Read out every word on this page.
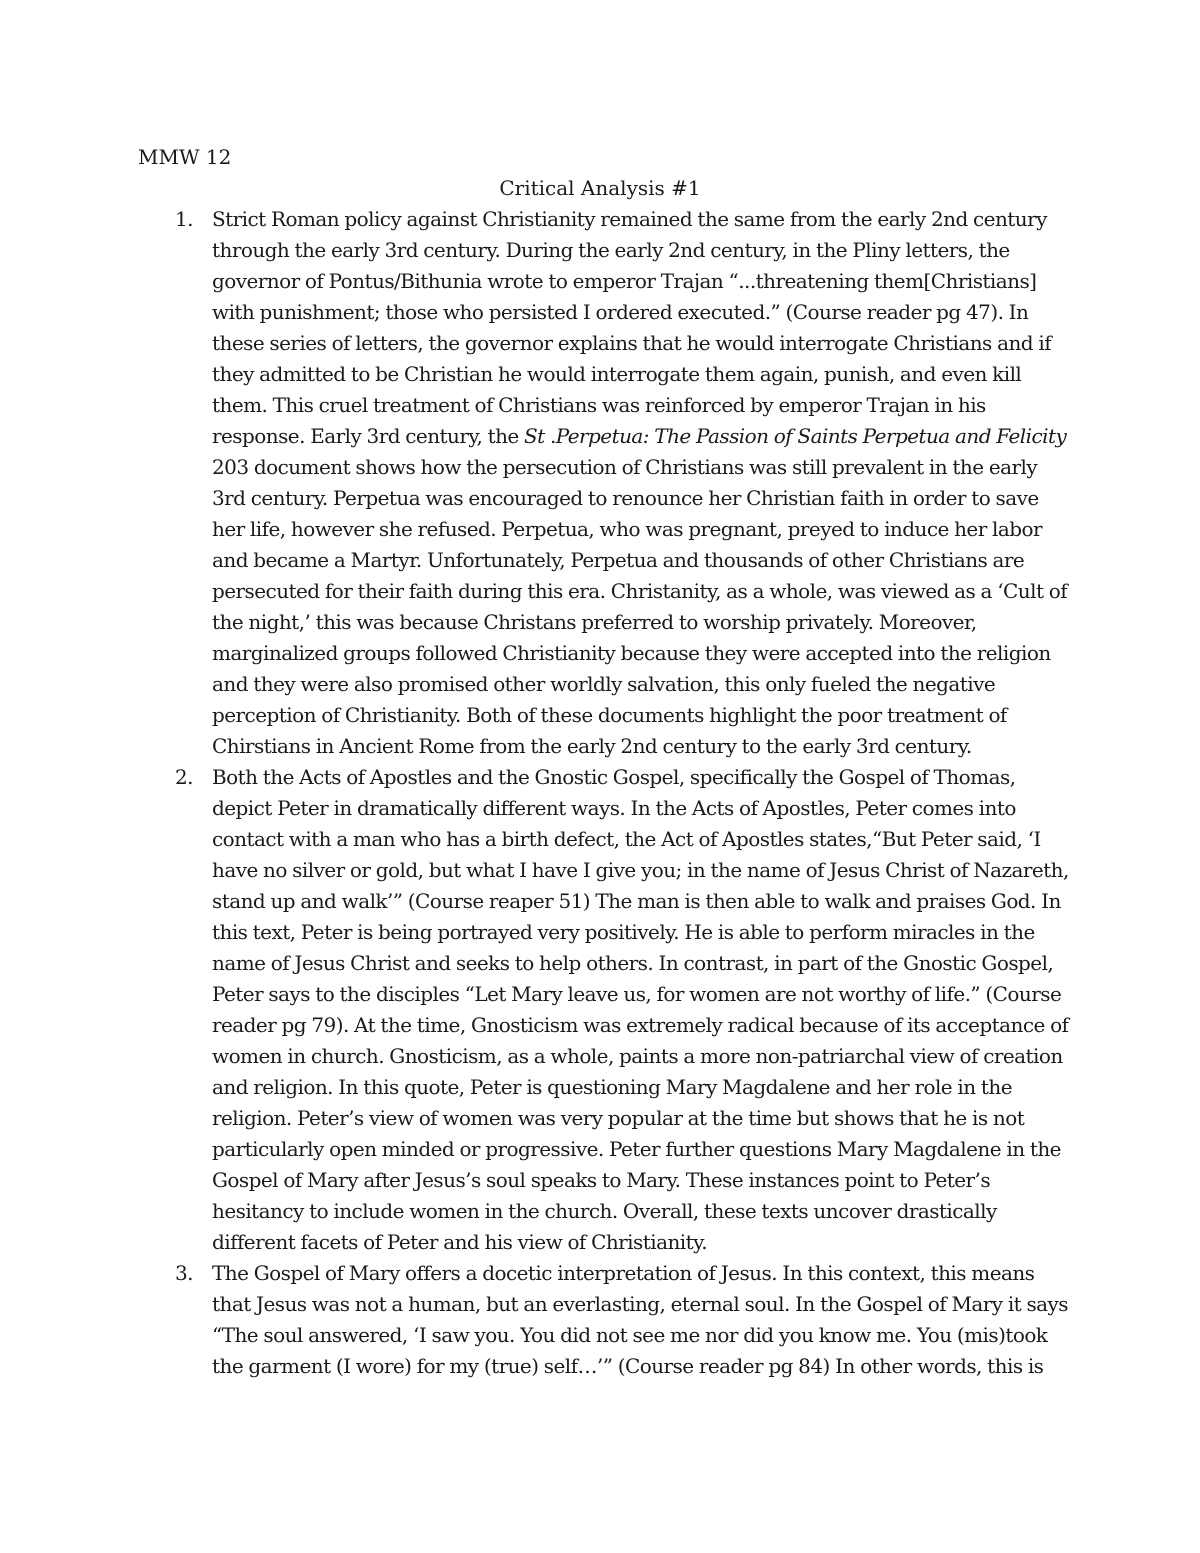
MMW 12
Critical Analysis #1
1. Strict Roman policy against Christianity remained the same from the early 2nd century through the early 3rd century. During the early 2nd century, in the Pliny letters, the governor of Pontus/Bithunia wrote to emperor Trajan “...threatening them[Christians] with punishment; those who persisted I ordered executed.” (Course reader pg 47). In these series of letters, the governor explains that he would interrogate Christians and if they admitted to be Christian he would interrogate them again, punish, and even kill them. This cruel treatment of Christians was reinforced by emperor Trajan in his response. Early 3rd century, the St .Perpetua: The Passion of Saints Perpetua and Felicity 203 document shows how the persecution of Christians was still prevalent in the early 3rd century. Perpetua was encouraged to renounce her Christian faith in order to save her life, however she refused. Perpetua, who was pregnant, preyed to induce her labor and became a Martyr. Unfortunately, Perpetua and thousands of other Christians are persecuted for their faith during this era. Christanity, as a whole, was viewed as a ‘Cult of the night,’ this was because Christans preferred to worship privately. Moreover, marginalized groups followed Christianity because they were accepted into the religion and they were also promised other worldly salvation, this only fueled the negative perception of Christianity. Both of these documents highlight the poor treatment of Chirstians in Ancient Rome from the early 2nd century to the early 3rd century.
2. Both the Acts of Apostles and the Gnostic Gospel, specifically the Gospel of Thomas, depict Peter in dramatically different ways. In the Acts of Apostles, Peter comes into contact with a man who has a birth defect, the Act of Apostles states,“But Peter said, ‘I have no silver or gold, but what I have I give you; in the name of Jesus Christ of Nazareth, stand up and walk’” (Course reaper 51) The man is then able to walk and praises God. In this text, Peter is being portrayed very positively. He is able to perform miracles in the name of Jesus Christ and seeks to help others. In contrast, in part of the Gnostic Gospel, Peter says to the disciples “Let Mary leave us, for women are not worthy of life.” (Course reader pg 79). At the time, Gnosticism was extremely radical because of its acceptance of women in church. Gnosticism, as a whole, paints a more non-patriarchal view of creation and religion. In this quote, Peter is questioning Mary Magdalene and her role in the religion. Peter’s view of women was very popular at the time but shows that he is not particularly open minded or progressive. Peter further questions Mary Magdalene in the Gospel of Mary after Jesus’s soul speaks to Mary. These instances point to Peter’s hesitancy to include women in the church. Overall, these texts uncover drastically different facets of Peter and his view of Christianity.
3. The Gospel of Mary offers a docetic interpretation of Jesus. In this context, this means that Jesus was not a human, but an everlasting, eternal soul. In the Gospel of Mary it says “The soul answered, ‘I saw you. You did not see me nor did you know me. You (mis)took the garment (I wore) for my (true) self…’” (Course reader pg 84) In other words, this is
